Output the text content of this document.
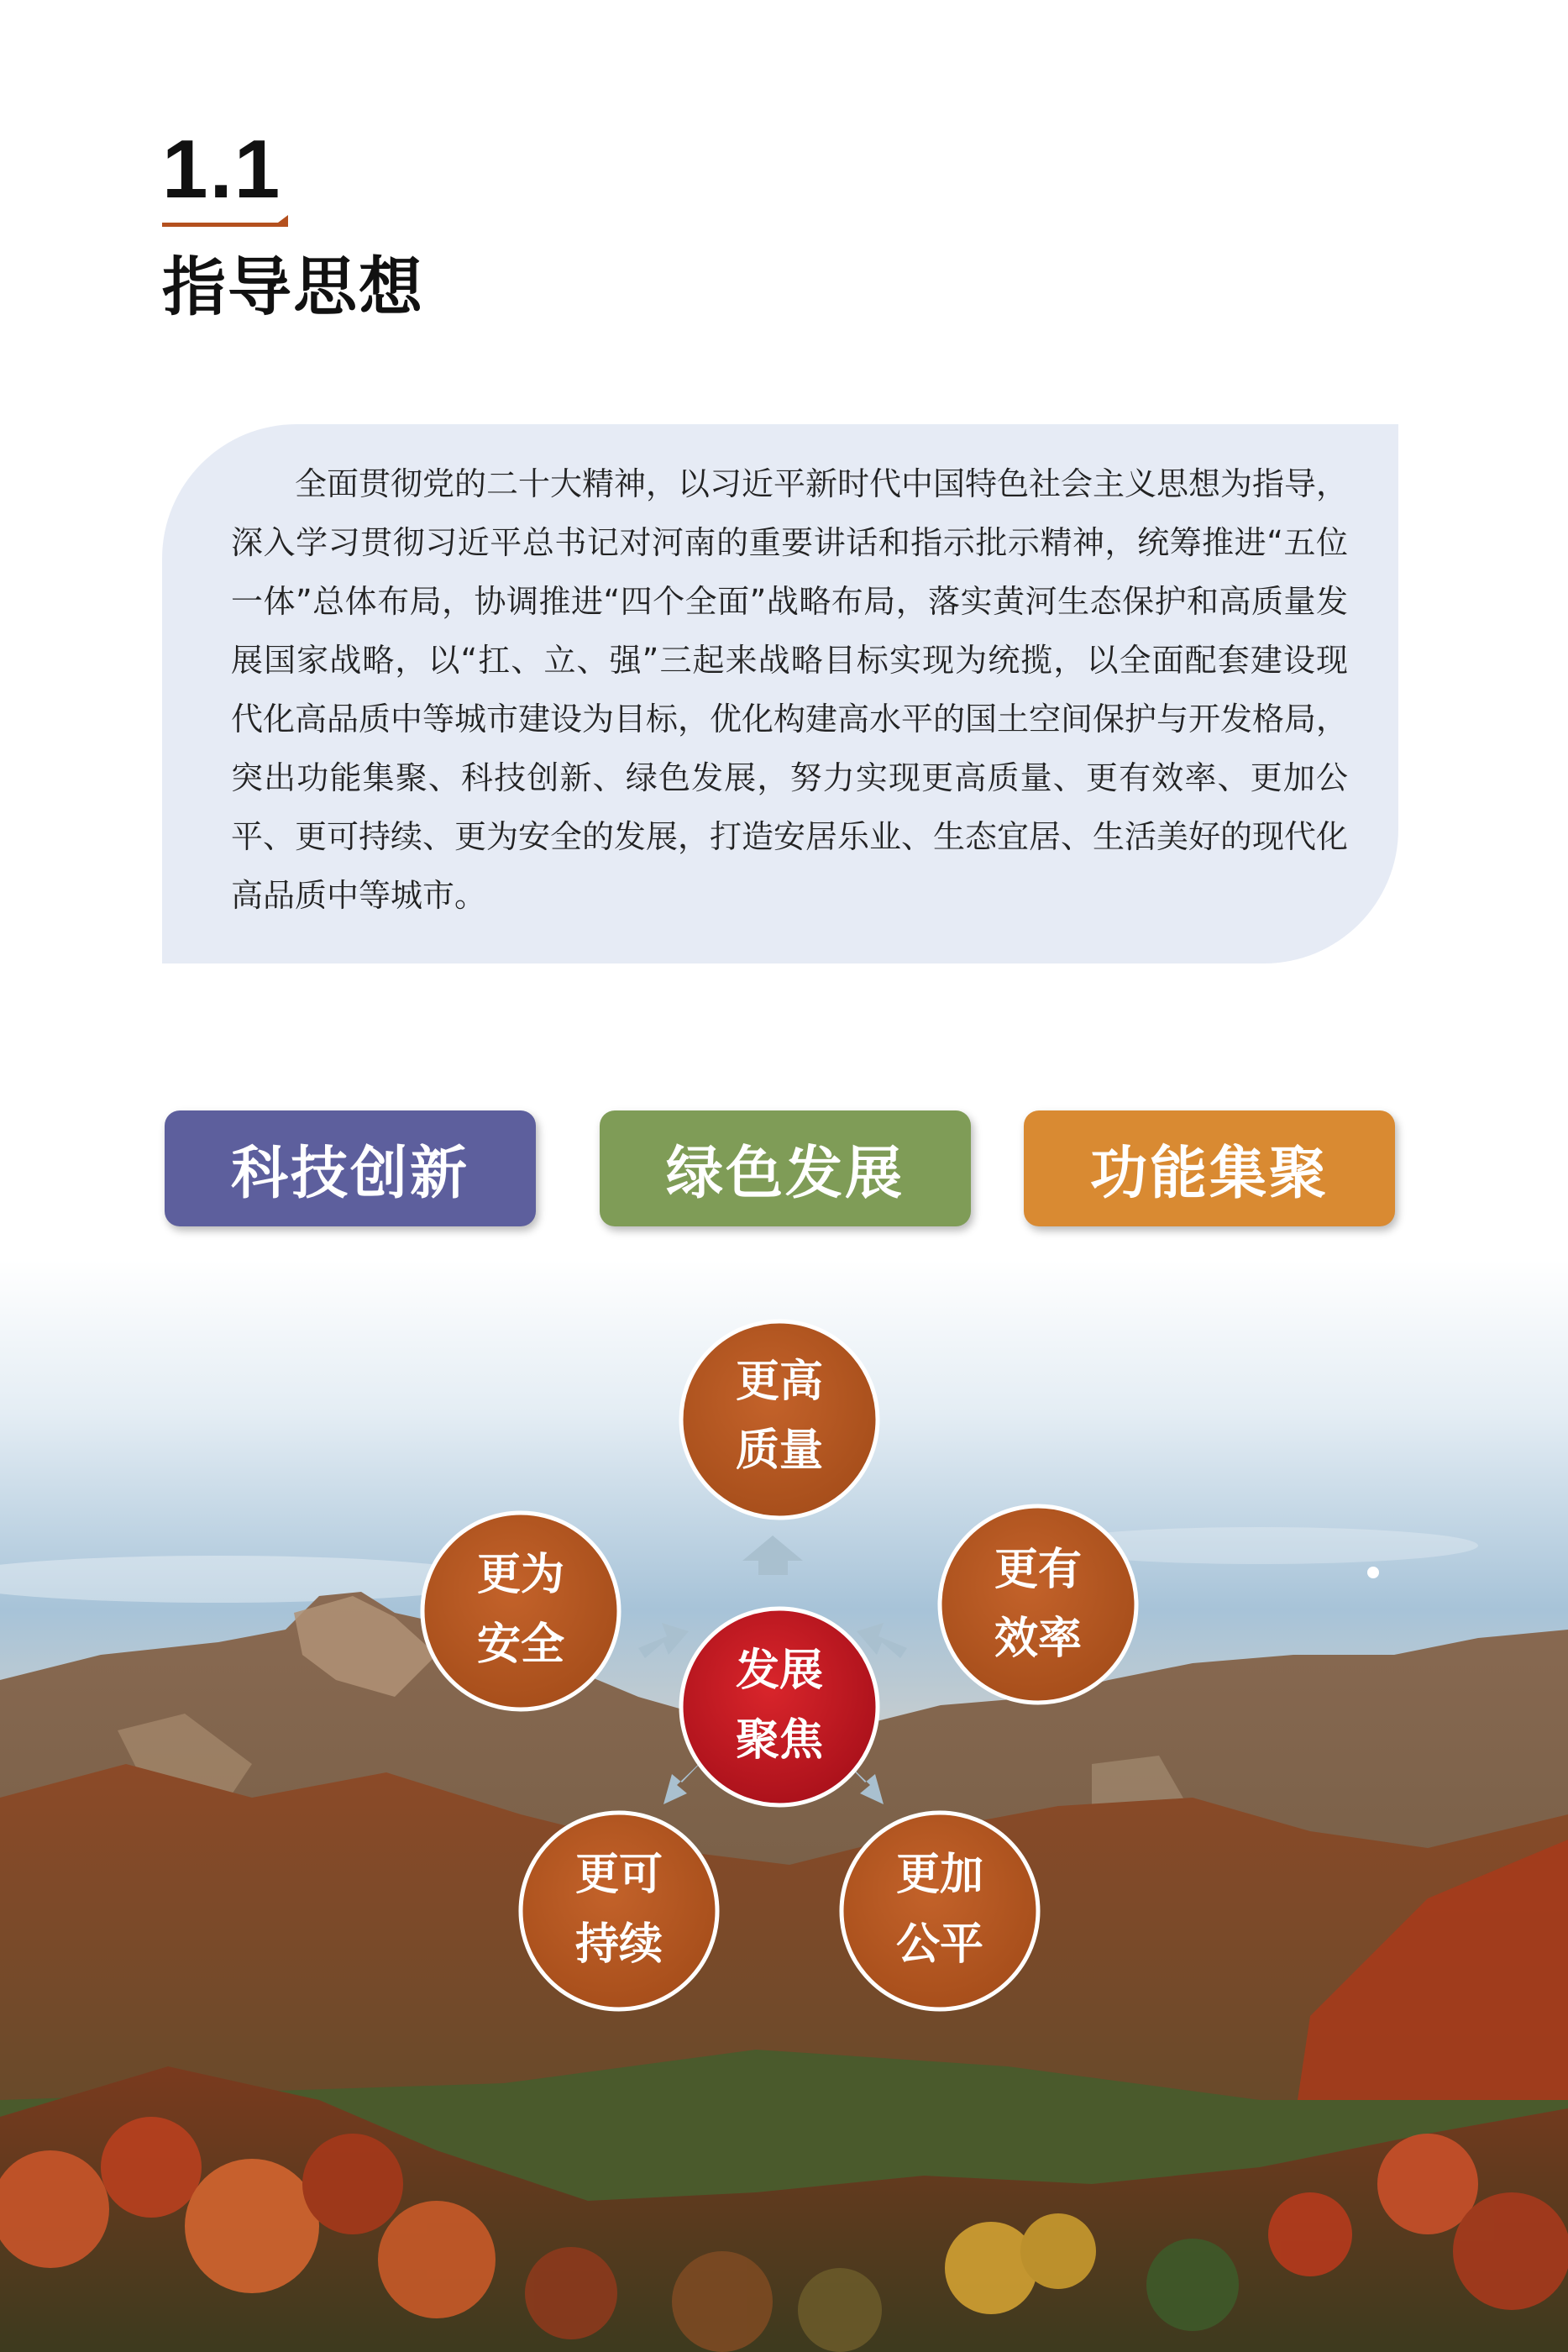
1.1
指导思想

全面贯彻党的二十大精神，以习近平新时代中国特色社会主义思想为指导，深入学习贯彻习近平总书记对河南的重要讲话和指示批示精神，统筹推进“五位一体”总体布局，协调推进“四个全面”战略布局，落实黄河生态保护和高质量发展国家战略，以“扛、立、强”三起来战略目标实现为统揽，以全面配套建设现代化高品质中等城市建设为目标，优化构建高水平的国土空间保护与开发格局，突出功能集聚、科技创新、绿色发展，努力实现更高质量、更有效率、更加公平、更可持续、更为安全的发展，打造安居乐业、生态宜居、生活美好的现代化高品质中等城市。

科技创新	绿色发展	功能集聚
更高
质量
更有
效率
更加
公平
更可
持续
更为
安全
发展
聚焦
